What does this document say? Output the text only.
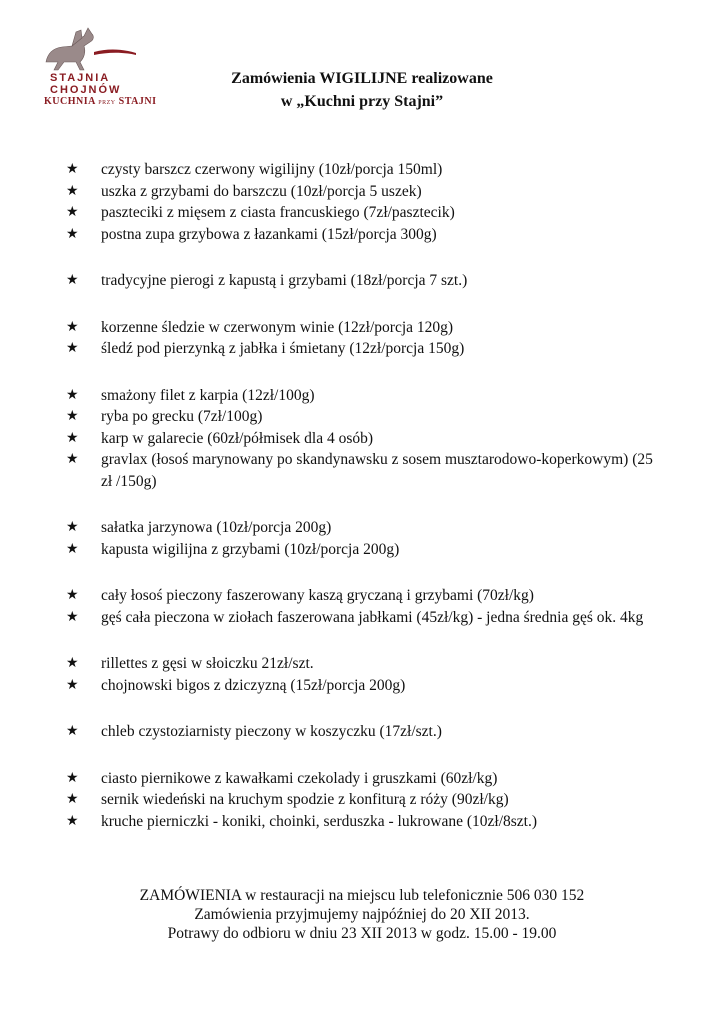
STAJNIA CHOJNÓW
KUCHNIA PRZY STAJNI
Zamówienia WIGILIJNE realizowane
w „Kuchni przy Stajni”
★ czysty barszcz czerwony wigilijny (10zł/porcja 150ml)
★ uszka z grzybami do barszczu (10zł/porcja 5 uszek)
★ paszteciki z mięsem z ciasta francuskiego (7zł/pasztecik)
★ postna zupa grzybowa z łazankami (15zł/porcja 300g)
★ tradycyjne pierogi z kapustą i grzybami (18zł/porcja 7 szt.)
★ korzenne śledzie w czerwonym winie (12zł/porcja 120g)
★ śledź pod pierzynką z jabłka i śmietany (12zł/porcja 150g)
★ smażony filet z karpia (12zł/100g)
★ ryba po grecku (7zł/100g)
★ karp w galarecie (60zł/półmisek dla 4 osób)
★ gravlax (łosoś marynowany po skandynawsku z sosem musztarodowo-koperkowym) (25 zł /150g)
★ sałatka jarzynowa (10zł/porcja 200g)
★ kapusta wigilijna z grzybami (10zł/porcja 200g)
★ cały łosoś pieczony faszerowany kaszą gryczaną i grzybami (70zł/kg)
★ gęś cała pieczona w ziołach faszerowana jabłkami (45zł/kg) - jedna średnia gęś ok. 4kg
★ rillettes z gęsi w słoiczku 21zł/szt.
★ chojnowski bigos z dziczyzną (15zł/porcja 200g)
★ chleb czystoziarnisty pieczony w koszyczku (17zł/szt.)
★ ciasto piernikowe z kawałkami czekolady i gruszkami (60zł/kg)
★ sernik wiedeński na kruchym spodzie z konfiturą z róży (90zł/kg)
★ kruche pierniczki - koniki, choinki, serduszka - lukrowane (10zł/8szt.)
ZAMÓWIENIA w restauracji na miejscu lub telefonicznie 506 030 152
Zamówienia przyjmujemy najpóźniej do 20 XII 2013.
Potrawy do odbioru w dniu 23 XII 2013 w godz. 15.00 - 19.00
